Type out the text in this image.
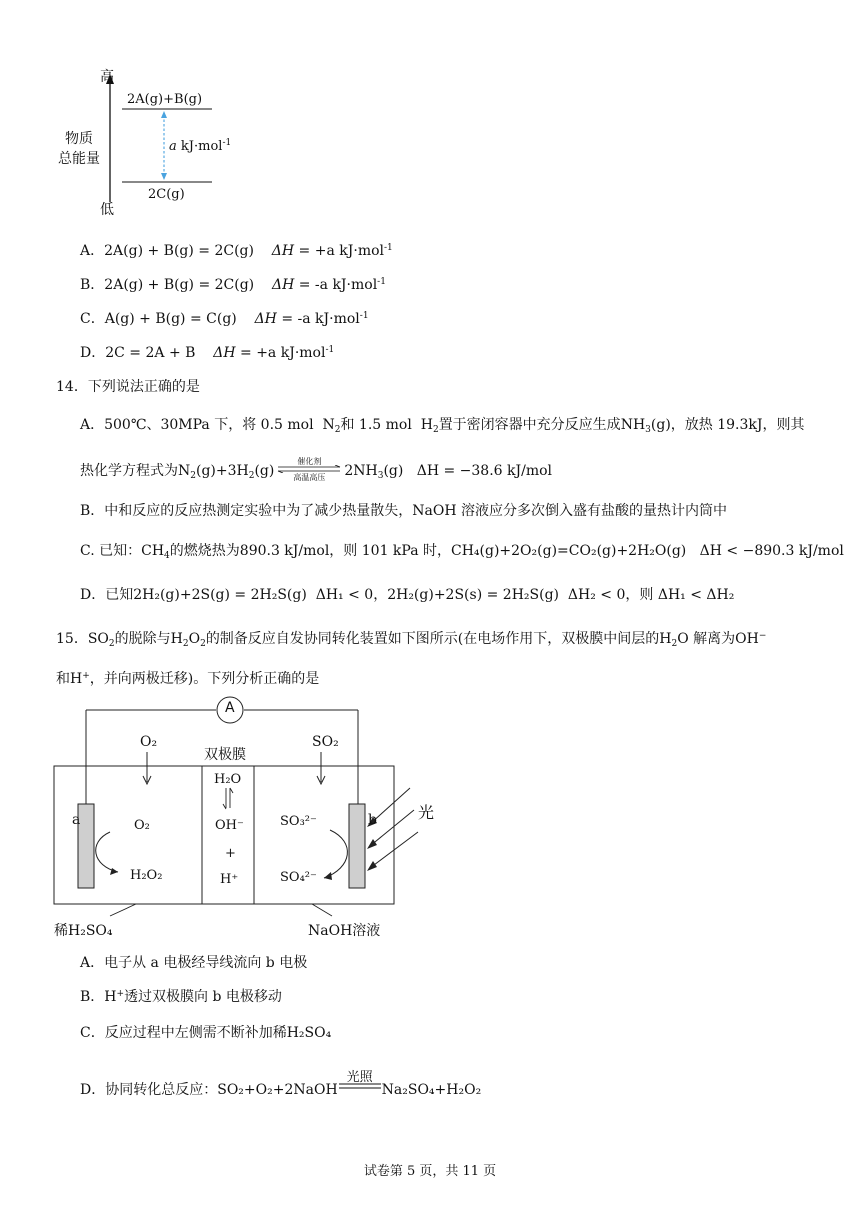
高
低
物质
总能量
2A(g)+B(g)
2C(g)
a kJ·mol$^{-1}$
A．2A(g) + B(g) = 2C(g) ΔH = +a kJ·mol$^{-1}$
B．2A(g) + B(g) = 2C(g) ΔH = -a kJ·mol$^{-1}$
C．A(g) + B(g) = C(g) ΔH = -a kJ·mol$^{-1}$
D．2C = 2A + B ΔH = +a kJ·mol$^{-1}$
14．下列说法正确的是
A．500℃、30MPa 下，将 0.5 mol $N_2$和 1.5 mol $H_2$置于密闭容器中充分反应生成$NH_3(g)$，放热 19.3kJ，则其
热化学方程式为$N_2(g)+3H_2(g)$
催化剂
高温高压	$2NH_3(g) \Delta H = -38.6$ kJ/mol
B．中和反应的反应热测定实验中为了减少热量散失，NaOH 溶液应分多次倒入盛有盐酸的量热计内筒中
C. 已知：$CH_4$的燃烧热为890.3 kJ/mol，则 101 kPa 时，CH₄(g)+2O₂(g)=CO₂(g)+2H₂O(g) ΔH < −890.3 kJ/mol
D．已知2H₂(g)+2S(g) = 2H₂S(g) ΔH₁ < 0，2H₂(g)+2S(s) = 2H₂S(g) ΔH₂ < 0，则 ΔH₁ < ΔH₂
15．$SO_2$的脱除与$H_2O_2$的制备反应自发协同转化装置如下图所示(在电场作用下，双极膜中间层的$H_2O$ 解离为OH−
和H+，并向两极迁移)。下列分析正确的是
A
O₂
双极膜
SO₂
a	b
H₂O
OH⁻
+
H⁺
O₂
H₂O₂
SO₃²⁻
SO₄²⁻
光
稀H₂SO₄	NaOH溶液
A．电子从 a 电极经导线流向 b 电极
B．H+透过双极膜向 b 电极移动
C．反应过程中左侧需不断补加稀H₂SO₄
D．协同转化总反应：SO₂+O₂+2NaOH
光照
Na₂SO₄+H₂O₂
试卷第 5 页，共 11 页
